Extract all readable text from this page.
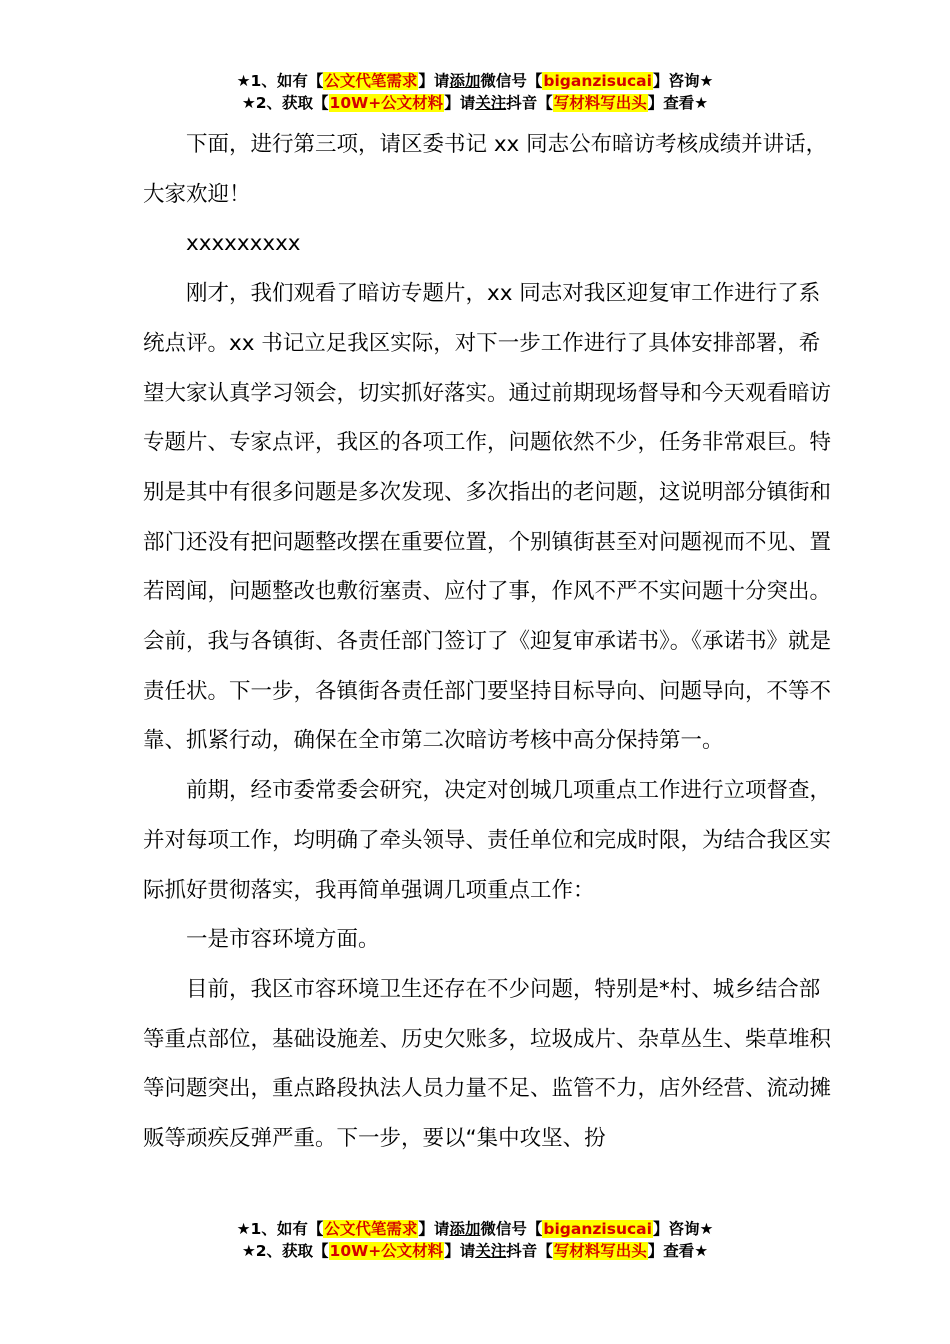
★1、如有【公文代笔需求】请添加微信号【biganzisucai】咨询★
★2、获取【10W+公文材料】请关注抖音【写材料写出头】查看★

下面，进行第三项，请区委书记 xx 同志公布暗访考核成绩并讲话，大家欢迎！

xxxxxxxxx

刚才，我们观看了暗访专题片，xx 同志对我区迎复审工作进行了系统点评。xx 书记立足我区实际，对下一步工作进行了具体安排部署，希望大家认真学习领会，切实抓好落实。通过前期现场督导和今天观看暗访专题片、专家点评，我区的各项工作，问题依然不少，任务非常艰巨。特别是其中有很多问题是多次发现、多次指出的老问题，这说明部分镇街和部门还没有把问题整改摆在重要位置，个别镇街甚至对问题视而不见、置若罔闻，问题整改也敷衍塞责、应付了事，作风不严不实问题十分突出。会前，我与各镇街、各责任部门签订了《迎复审承诺书》。《承诺书》就是责任状。下一步，各镇街各责任部门要坚持目标导向、问题导向，不等不靠、抓紧行动，确保在全市第二次暗访考核中高分保持第一。

前期，经市委常委会研究，决定对创城几项重点工作进行立项督查，并对每项工作，均明确了牵头领导、责任单位和完成时限，为结合我区实际抓好贯彻落实，我再简单强调几项重点工作：

一是市容环境方面。

目前，我区市容环境卫生还存在不少问题，特别是*村、城乡结合部等重点部位，基础设施差、历史欠账多，垃圾成片、杂草丛生、柴草堆积等问题突出，重点路段执法人员力量不足、监管不力，店外经营、流动摊贩等顽疾反弹严重。下一步，要以“集中攻坚、扮

★1、如有【公文代笔需求】请添加微信号【biganzisucai】咨询★
★2、获取【10W+公文材料】请关注抖音【写材料写出头】查看★
